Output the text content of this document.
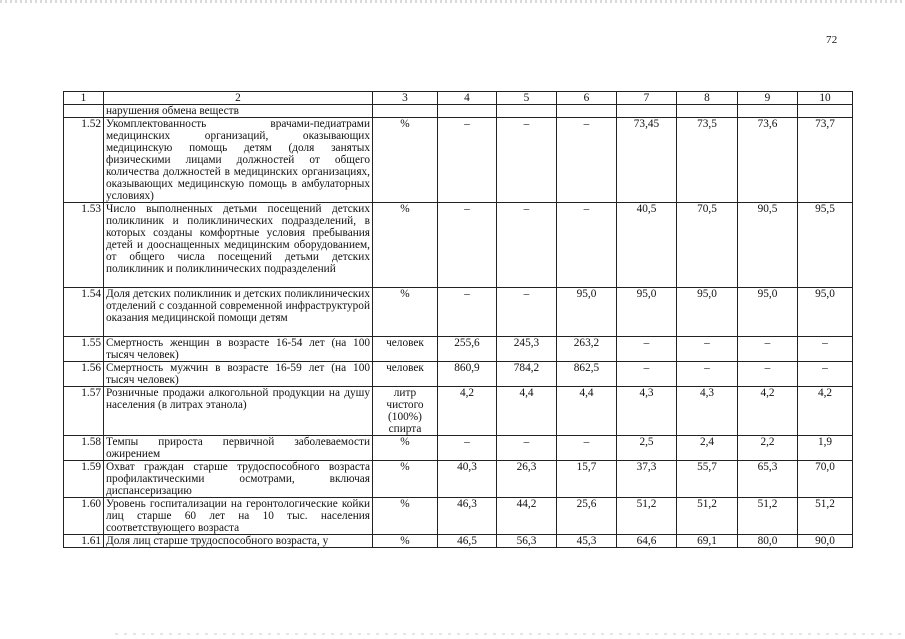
72
1	2	3	4	5	6	7	8	9	10
	нарушения обмена веществ								
1.52	Укомплектованность врачами-педиатрами медицинских организаций, оказывающих медицинскую помощь детям (доля занятых физическими лицами должностей от общего количества должностей в медицинских организациях, оказывающих медицинскую помощь в амбулаторных условиях)	%	–	–	–	73,45	73,5	73,6	73,7
1.53	Число выполненных детьми посещений детских поликлиник и поликлинических подразделений, в которых созданы комфортные условия пребывания детей и дооснащенных медицинским оборудованием, от общего числа посещений детьми детских поликлиник и поликлинических подразделений	%	–	–	–	40,5	70,5	90,5	95,5
1.54	Доля детских поликлиник и детских поликлинических отделений с созданной современной инфраструктурой оказания медицинской помощи детям	%	–	–	95,0	95,0	95,0	95,0	95,0
1.55	Смертность женщин в возрасте 16-54 лет (на 100 тысяч человек)	человек	255,6	245,3	263,2	–	–	–	–
1.56	Смертность мужчин в возрасте 16-59 лет (на 100 тысяч человек)	человек	860,9	784,2	862,5	–	–	–	–
1.57	Розничные продажи алкогольной продукции на душу населения (в литрах этанола)	литр чистого (100%) спирта	4,2	4,4	4,4	4,3	4,3	4,2	4,2
1.58	Темпы прироста первичной заболеваемости ожирением	%	–	–	–	2,5	2,4	2,2	1,9
1.59	Охват граждан старше трудоспособного возраста профилактическими осмотрами, включая диспансеризацию	%	40,3	26,3	15,7	37,3	55,7	65,3	70,0
1.60	Уровень госпитализации на геронтологические койки лиц старше 60 лет на 10 тыс. населения соответствующего возраста	%	46,3	44,2	25,6	51,2	51,2	51,2	51,2
1.61	Доля лиц старше трудоспособного возраста, у	%	46,5	56,3	45,3	64,6	69,1	80,0	90,0
